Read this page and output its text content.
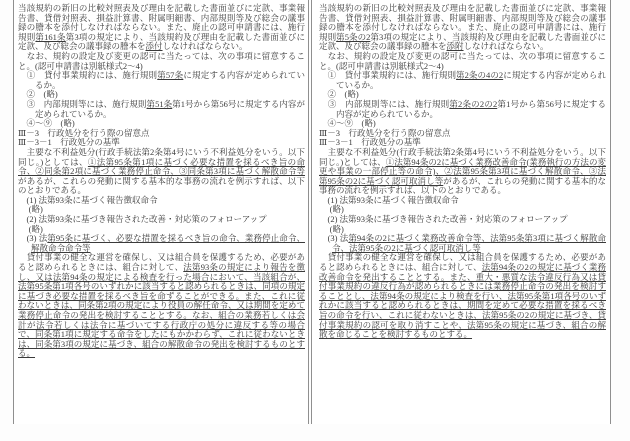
当該規約の新旧の比較対照表及び理由を記載した書面並びに定款、事業報告書、貸借対照表、損益計算書、附属明細書、内部規則等及び総会の議事録の謄本を添付しなければならない。また、廃止の認可申請書には、施行規則第161条第3項の規定により、当該規約及び理由を記載した書面並びに定款、及び総会の議事録の謄本を添付しなければならない。

　なお、規約の設定及び変更の認可に当たっては、次の事項に留意すること。(認可申請書は別紙様式2～4)

　①　貸付事業規約には、施行規則第57条に規定する内容が定められているか。

　②　(略)

　③　内部規則等には、施行規則第51条第1号から第56号に規定する内容が定められているか。

　④～⑨　(略)

Ⅲ－3　行政処分を行う際の留意点

Ⅲ－3－1　行政処分の基準

　主要な不利益処分(行政手続法第2条第4号にいう不利益処分をいう。以下同じ。)としては、①法第95条第1項に基づく必要な措置を採るべき旨の命令、②同条第2項に基づく業務停止命令、③同条第3項に基づく解散命令等があるが、これらの発動に関する基本的な事務の流れを例示すれば、以下のとおりである。

　(1) 法第93条に基づく報告徴収命令

　 (略)

　(2) 法第93条に基づき報告された改善・対応策のフォローアップ

　 (略)

　(3) 法第95条に基づく、必要な措置を採るべき旨の命令、業務停止命令、解散命令命令等

　貸付事業の健全な運営を確保し、又は組合員を保護するため、必要があると認められるときには、組合に対して、法第93条の規定により報告を徴し、又は法第94条の規定による検査を行った場合において、当該組合が、法第95条第1項各号のいずれかに該当すると認められるときは、同項の規定に基づき必要な措置を採るべき旨を命ずることができる。また、これに従わないときは、同条第2項の規定により役員の解任命令、又は期間を定めて業務停止命令の発出を検討することとする。なお、組合の業務若しくは会計が法令若しくは法令に基づいてする行政庁の処分に違反する等の場合で、同条第1項に規定する命令をしたにもかかわらず、これに従わないときは、同条第3項の規定に基づき、組合の解散命令の発出を検討するものとする。

当該規約の新旧の比較対照表及び理由を記載した書面並びに定款、事業報告書、貸借対照表、損益計算書、附属明細書、内部規則等及び総会の議事録の謄本を添付しなければならない。また、廃止の認可申請書には、施行規則第5条の2第3項の規定により、当該規約及び理由を記載した書面並びに定款、及び総会の議事録の謄本を添附しなければならない。

　なお、規約の設定及び変更の認可に当たっては、次の事項に留意すること。(認可申請書は別紙様式2～4)

　①　貸付事業規約には、施行規則第2条の4の2に規定する内容が定められているか。

　②　(略)

　③　内部規則等には、施行規則第2条の2の2第1号から第56号に規定する内容が定められているか。

　④～⑨　(略)

Ⅲ－3　行政処分を行う際の留意点

Ⅲ－3－1　行政処分の基準

　主要な不利益処分(行政手続法第2条第4号にいう不利益処分をいう。以下同じ。)としては、①法第94条の2に基づく業務改善命令(業務執行の方法の変更や事業の一部停止等の命令)、②法第95条第3項に基づく解散命令、③法第95条の2に基づく認可取消し等があるが、これらの発動に関する基本的な事務の流れを例示すれば、以下のとおりである。

　(1) 法第93条に基づく報告徴収命令

　 (略)

　(2) 法第93条に基づき報告された改善・対応策のフォローアップ

　 (略)

　(3) 法第94条の2に基づく業務改善命令等、法第95条第3項に基づく解散命令、法第95条の2に基づく認可取消し等

　貸付事業の健全な運営を確保し、又は組合員を保護するため、必要があると認められるときには、組合に対して、法第94条の2の規定に基づく業務改善命令を発出することとする。また、重大・悪質な法令違反行為又は貸付事業規約の違反行為が認められるときには業務停止命令の発出を検討することとし、法第94条の規定により検査を行い、法第95条第1項各号のいずれかに該当すると認められるときは、期間を定めて必要な措置を採るべき旨の命令を行い、これに従わないときは、法第95条の2の規定に基づき、貸付事業規約の認可を取り消すことや、法第95条の規定に基づき、組合の解散を命じることを検討するものとする。
